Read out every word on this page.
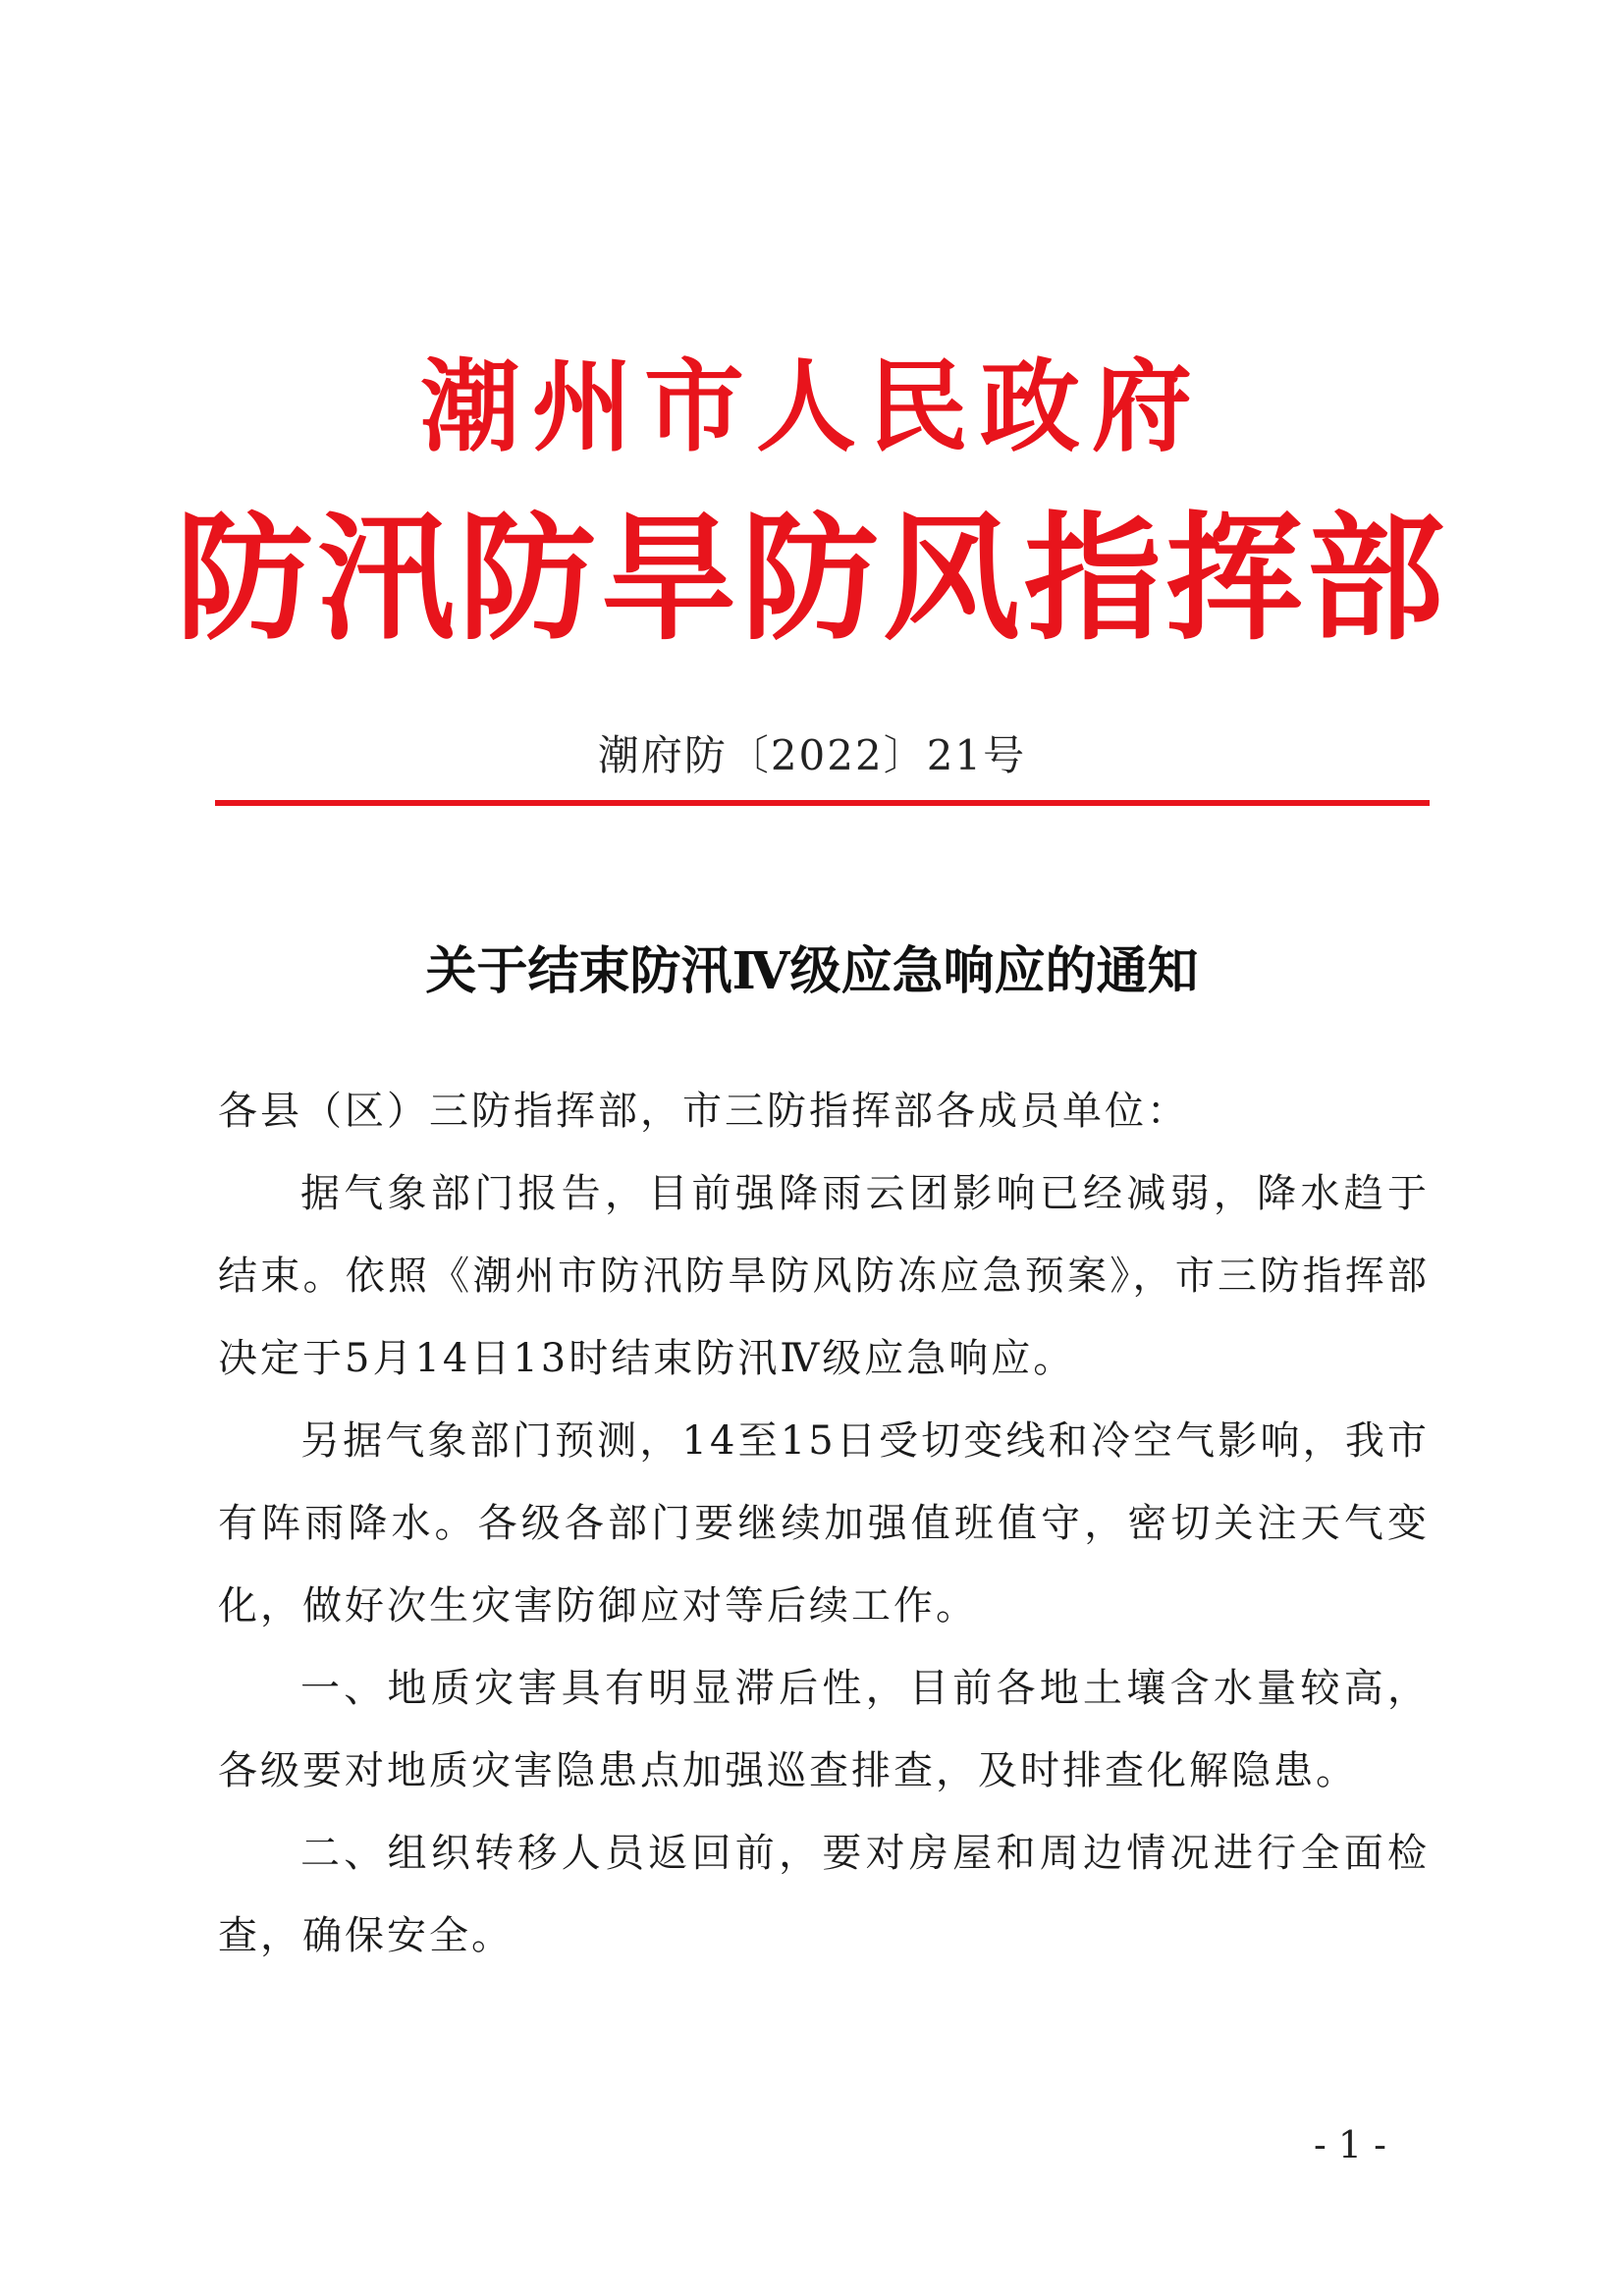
潮州市人民政府
防汛防旱防风指挥部
潮府防〔2022〕21号
关于结束防汛Ⅳ级应急响应的通知

各县（区）三防指挥部，市三防指挥部各成员单位：

据气象部门报告，目前强降雨云团影响已经减弱，降水趋于结束。依照《潮州市防汛防旱防风防冻应急预案》，市三防指挥部决定于5月14日13时结束防汛Ⅳ级应急响应。

另据气象部门预测，14至15日受切变线和冷空气影响，我市有阵雨降水。各级各部门要继续加强值班值守，密切关注天气变化，做好次生灾害防御应对等后续工作。

一、地质灾害具有明显滞后性，目前各地土壤含水量较高，各级要对地质灾害隐患点加强巡查排查，及时排查化解隐患。

二、组织转移人员返回前，要对房屋和周边情况进行全面检查，确保安全。

- 1 -
